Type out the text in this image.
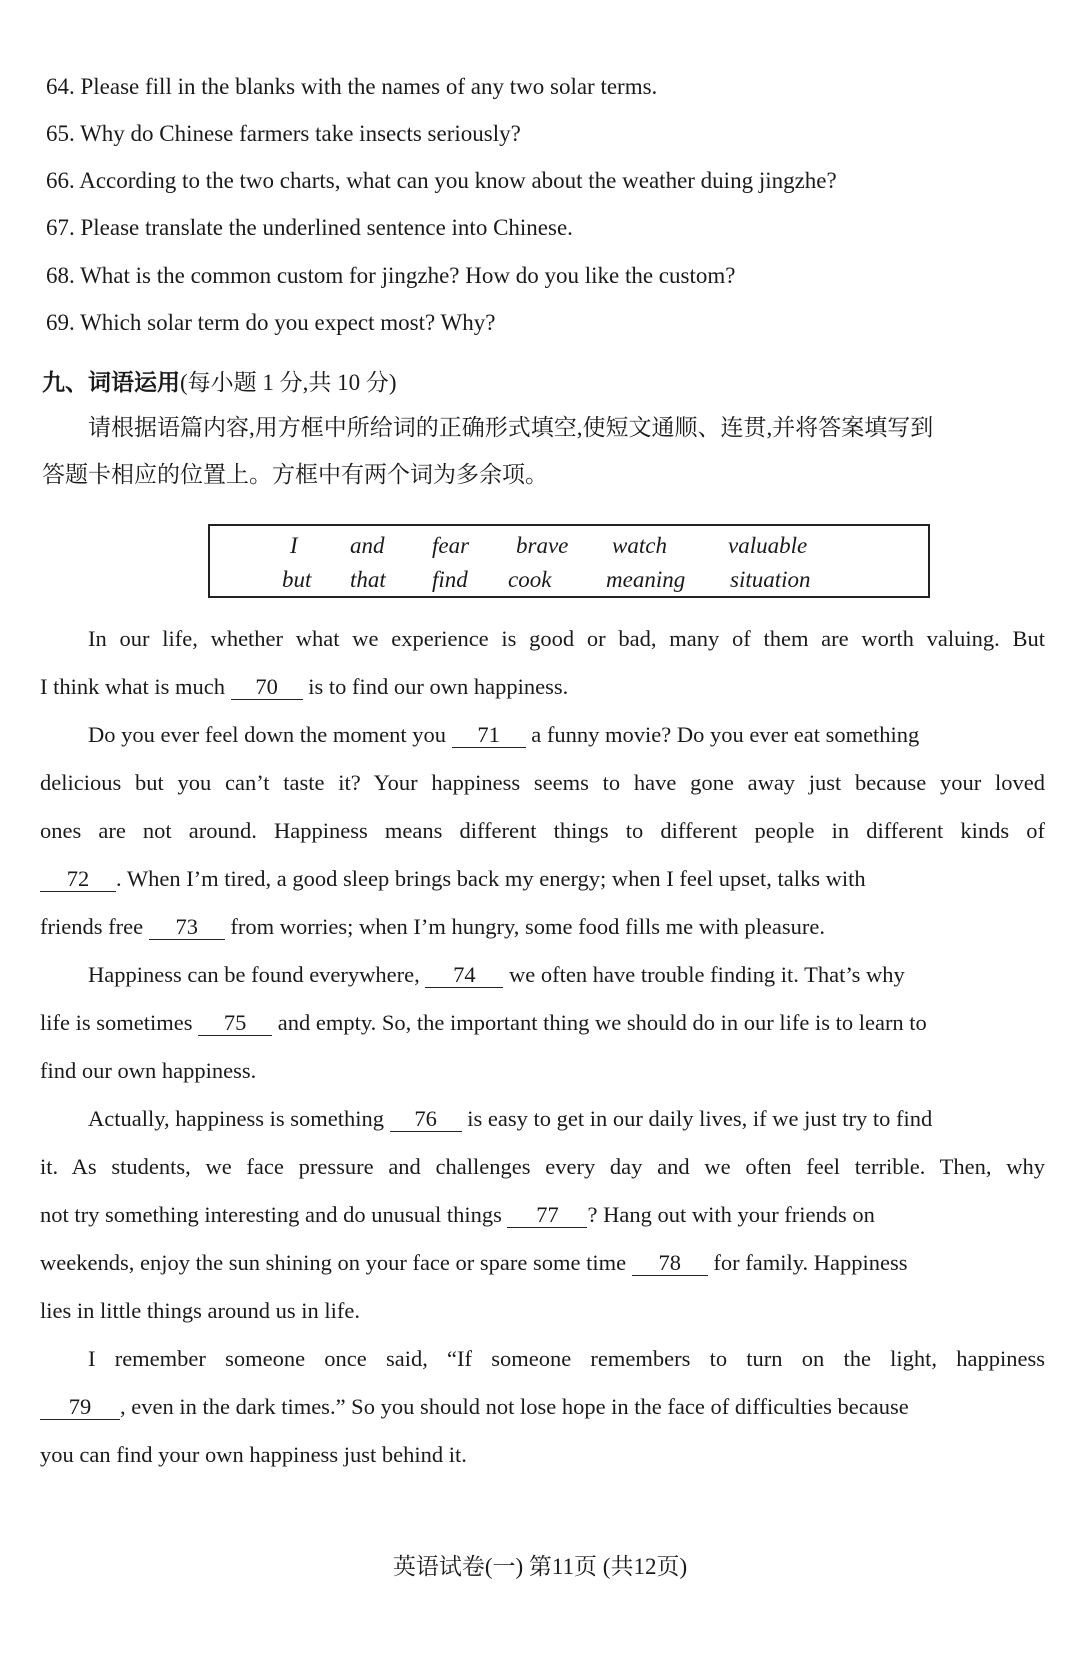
64. Please fill in the blanks with the names of any two solar terms.
65. Why do Chinese farmers take insects seriously?
66. According to the two charts, what can you know about the weather duing jingzhe?
67. Please translate the underlined sentence into Chinese.
68. What is the common custom for jingzhe? How do you like the custom?
69. Which solar term do you expect most? Why?
九、词语运用(每小题 1 分,共 10 分)
请根据语篇内容,用方框中所给词的正确形式填空,使短文通顺、连贯,并将答案填写到
答题卡相应的位置上。方框中有两个词为多余项。
I and fear brave watch	valuable
but that find cook meaning situation
In our life, whether what we experience is good or bad, many of them are worth valuing. But
I think what is much 70 is to find our own happiness.
Do you ever feel down the moment you 71 a funny movie? Do you ever eat something
delicious but you can’t taste it? Your happiness seems to have gone away just because your loved
ones are not around. Happiness means different things to different people in different kinds of
72 . When I’m tired, a good sleep brings back my energy; when I feel upset, talks with
friends free 73 from worries; when I’m hungry, some food fills me with pleasure.
Happiness can be found everywhere, 74 we often have trouble finding it. That’s why
life is sometimes 75 and empty. So, the important thing we should do in our life is to learn to
find our own happiness.
Actually, happiness is something 76 is easy to get in our daily lives, if we just try to find
it. As students, we face pressure and challenges every day and we often feel terrible. Then, why
not try something interesting and do unusual things 77 ? Hang out with your friends on
weekends, enjoy the sun shining on your face or spare some time 78 for family. Happiness
lies in little things around us in life.
I remember someone once said, “If someone remembers to turn on the light, happiness
79 , even in the dark times.” So you should not lose hope in the face of difficulties because
you can find your own happiness just behind it.
英语试卷(一) 第11页 (共12页)
